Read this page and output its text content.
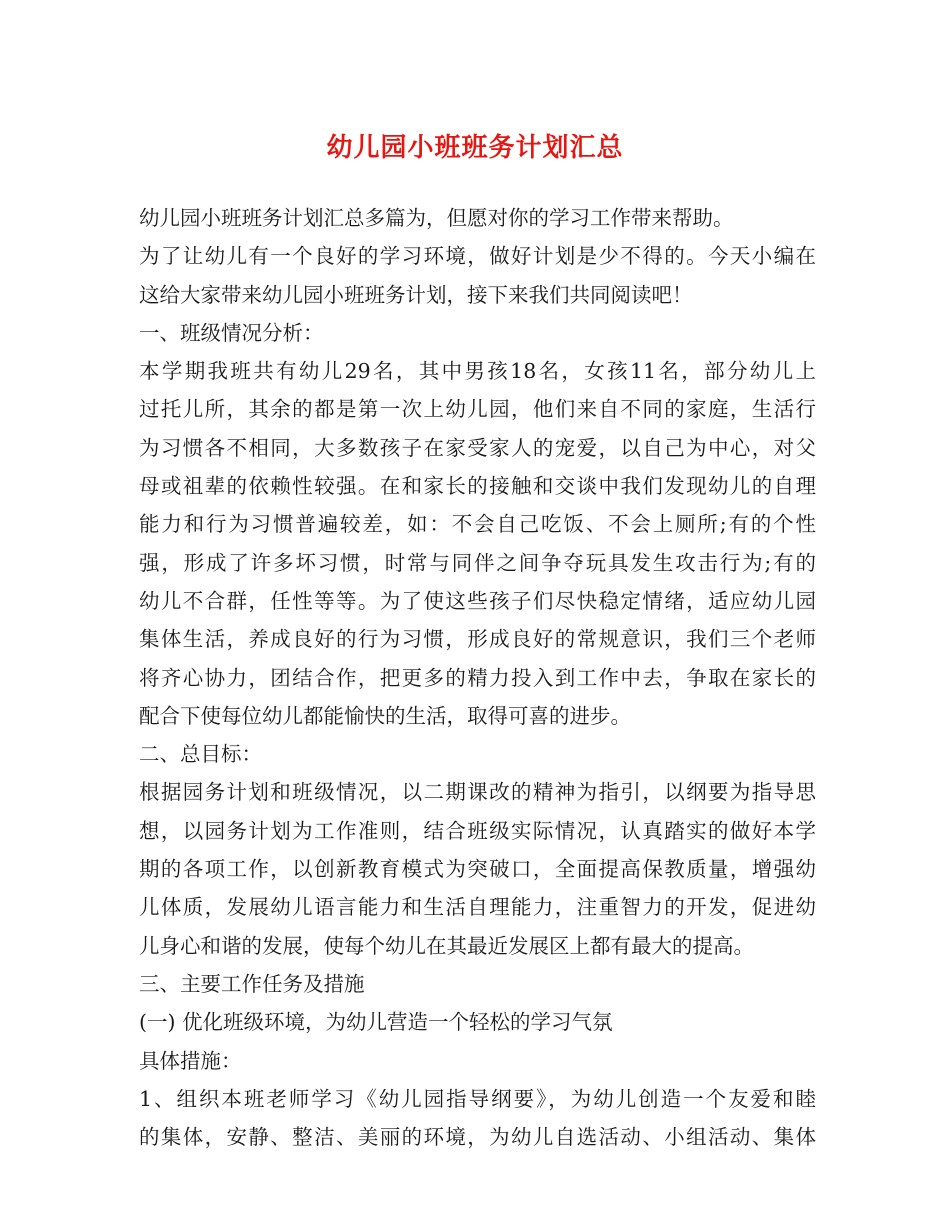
幼儿园小班班务计划汇总
幼儿园小班班务计划汇总多篇为，但愿对你的学习工作带来帮助。
为了让幼儿有一个良好的学习环境，做好计划是少不得的。今天小编在
这给大家带来幼儿园小班班务计划，接下来我们共同阅读吧！
一、班级情况分析：
本学期我班共有幼儿29名，其中男孩18名，女孩11名，部分幼儿上
过托儿所，其余的都是第一次上幼儿园，他们来自不同的家庭，生活行
为习惯各不相同，大多数孩子在家受家人的宠爱，以自己为中心，对父
母或祖辈的依赖性较强。在和家长的接触和交谈中我们发现幼儿的自理
能力和行为习惯普遍较差，如：不会自己吃饭、不会上厕所;有的个性
强，形成了许多坏习惯，时常与同伴之间争夺玩具发生攻击行为;有的
幼儿不合群，任性等等。为了使这些孩子们尽快稳定情绪，适应幼儿园
集体生活，养成良好的行为习惯，形成良好的常规意识，我们三个老师
将齐心协力，团结合作，把更多的精力投入到工作中去，争取在家长的
配合下使每位幼儿都能愉快的生活，取得可喜的进步。
二、总目标：
根据园务计划和班级情况，以二期课改的精神为指引，以纲要为指导思
想，以园务计划为工作准则，结合班级实际情况，认真踏实的做好本学
期的各项工作，以创新教育模式为突破口，全面提高保教质量，增强幼
儿体质，发展幼儿语言能力和生活自理能力，注重智力的开发，促进幼
儿身心和谐的发展，使每个幼儿在其最近发展区上都有最大的提高。
三、主要工作任务及措施
(一) 优化班级环境，为幼儿营造一个轻松的学习气氛
具体措施：
1、组织本班老师学习《幼儿园指导纲要》，为幼儿创造一个友爱和睦
的集体，安静、整洁、美丽的环境，为幼儿自选活动、小组活动、集体
